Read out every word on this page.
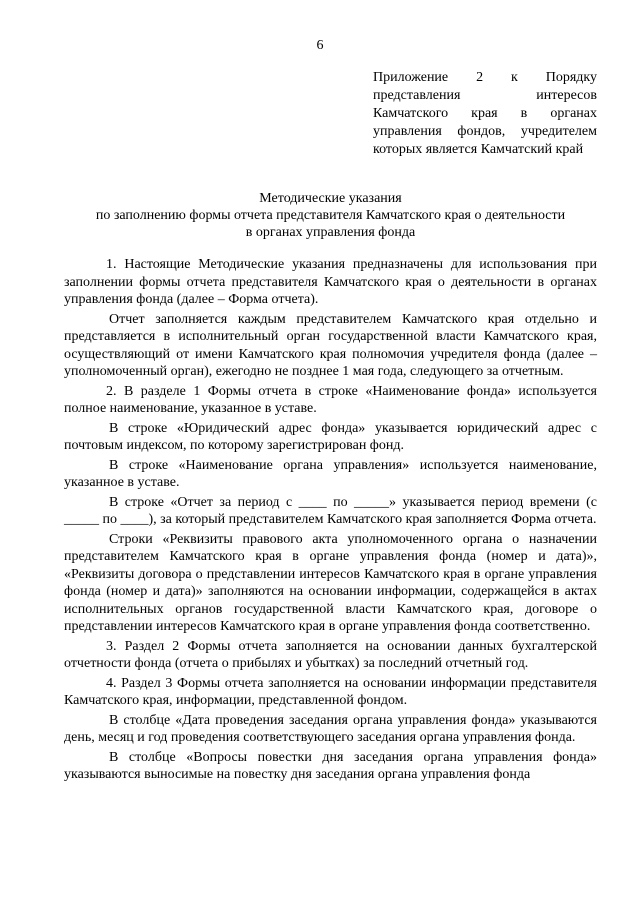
6
Приложение 2 к Порядку представления интересов Камчатского края в органах управления фондов, учредителем которых является Камчатский край
Методические указания
по заполнению формы отчета представителя Камчатского края о деятельности
в органах управления фонда

1. Настоящие Методические указания предназначены для использования при заполнении формы отчета представителя Камчатского края о деятельности в органах управления фонда (далее – Форма отчета).

Отчет заполняется каждым представителем Камчатского края отдельно и представляется в исполнительный орган государственной власти Камчатского края, осуществляющий от имени Камчатского края полномочия учредителя фонда (далее – уполномоченный орган), ежегодно не позднее 1 мая года, следующего за отчетным.

2. В разделе 1 Формы отчета в строке «Наименование фонда» используется полное наименование, указанное в уставе.

В строке «Юридический адрес фонда» указывается юридический адрес с почтовым индексом, по которому зарегистрирован фонд.

В строке «Наименование органа управления» используется наименование, указанное в уставе.

В строке «Отчет за период с ____ по _____» указывается период времени (с _____ по ____), за который представителем Камчатского края заполняется Форма отчета.

Строки «Реквизиты правового акта уполномоченного органа о назначении представителем Камчатского края в органе управления фонда (номер и дата)», «Реквизиты договора о представлении интересов Камчатского края в органе управления фонда (номер и дата)» заполняются на основании информации, содержащейся в актах исполнительных органов государственной власти Камчатского края, договоре о представлении интересов Камчатского края в органе управления фонда соответственно.

3. Раздел 2 Формы отчета заполняется на основании данных бухгалтерской отчетности фонда (отчета о прибылях и убытках) за последний отчетный год.

4. Раздел 3 Формы отчета заполняется на основании информации представителя Камчатского края, информации, представленной фондом.

В столбце «Дата проведения заседания органа управления фонда» указываются день, месяц и год проведения соответствующего заседания органа управления фонда.

В столбце «Вопросы повестки дня заседания органа управления фонда» указываются выносимые на повестку дня заседания органа управления фонда
